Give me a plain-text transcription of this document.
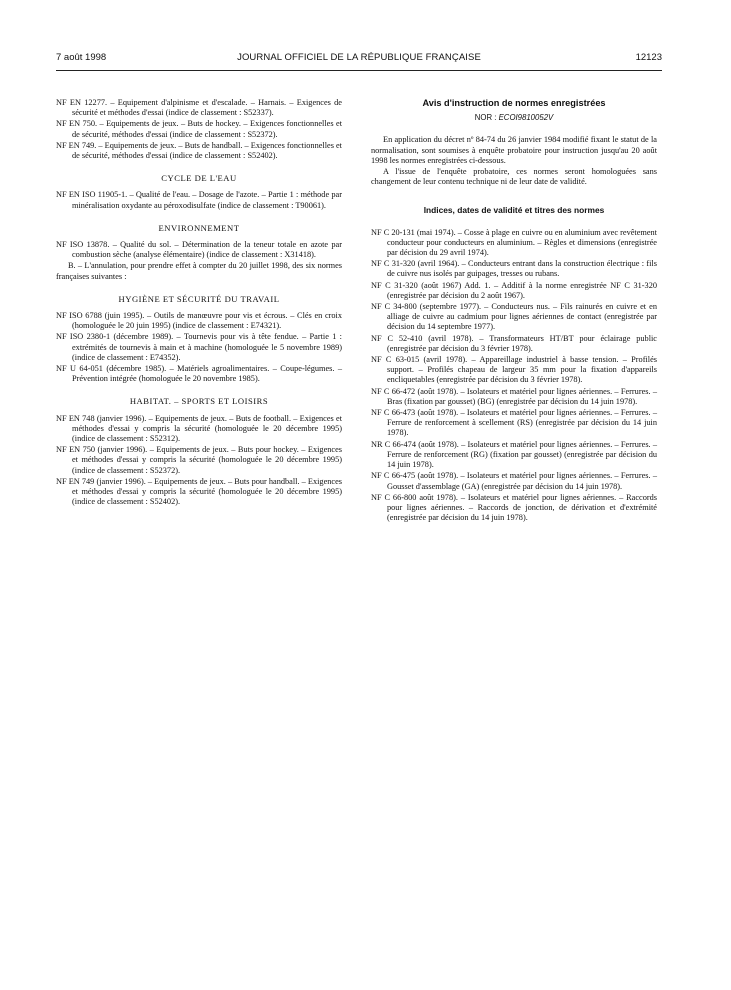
7 août 1998	JOURNAL OFFICIEL DE LA RÉPUBLIQUE FRANÇAISE	12123

NF EN 12277. – Equipement d'alpinisme et d'escalade. – Harnais. – Exigences de sécurité et méthodes d'essai (indice de classement : S52337).

NF EN 750. – Equipements de jeux. – Buts de hockey. – Exigences fonctionnelles et de sécurité, méthodes d'essai (indice de classement : S52372).

NF EN 749. – Equipements de jeux. – Buts de handball. – Exigences fonctionnelles et de sécurité, méthodes d'essai (indice de classement : S52402).

CYCLE DE L'EAU

NF EN ISO 11905-1. – Qualité de l'eau. – Dosage de l'azote. – Partie 1 : méthode par minéralisation oxydante au péroxodisulfate (indice de classement : T90061).

ENVIRONNEMENT

NF ISO 13878. – Qualité du sol. – Détermination de la teneur totale en azote par combustion sèche (analyse élémentaire) (indice de classement : X31418).

B. – L'annulation, pour prendre effet à compter du 20 juillet 1998, des six normes françaises suivantes :

HYGIÈNE ET SÉCURITÉ DU TRAVAIL

NF ISO 6788 (juin 1995). – Outils de manœuvre pour vis et écrous. – Clés en croix (homologuée le 20 juin 1995) (indice de classement : E74321).

NF ISO 2380-1 (décembre 1989). – Tournevis pour vis à tête fendue. – Partie 1 : extrémités de tournevis à main et à machine (homologuée le 5 novembre 1989) (indice de classement : E74352).

NF U 64-051 (décembre 1985). – Matériels agroalimentaires. – Coupe-légumes. – Prévention intégrée (homologuée le 20 novembre 1985).

HABITAT. – SPORTS ET LOISIRS

NF EN 748 (janvier 1996). – Equipements de jeux. – Buts de football. – Exigences et méthodes d'essai y compris la sécurité (homologuée le 20 décembre 1995) (indice de classement : S52312).

NF EN 750 (janvier 1996). – Equipements de jeux. – Buts pour hockey. – Exigences et méthodes d'essai y compris la sécurité (homologuée le 20 décembre 1995) (indice de classement : S52372).

NF EN 749 (janvier 1996). – Equipements de jeux. – Buts pour handball. – Exigences et méthodes d'essai y compris la sécurité (homologuée le 20 décembre 1995) (indice de classement : S52402).

Avis d'instruction de normes enregistrées
NOR : ECOI9810052V

En application du décret nº 84-74 du 26 janvier 1984 modifié fixant le statut de la normalisation, sont soumises à enquête probatoire pour instruction jusqu'au 20 août 1998 les normes enregistrées ci-dessous.

A l'issue de l'enquête probatoire, ces normes seront homologuées sans changement de leur contenu technique ni de leur date de validité.

Indices, dates de validité et titres des normes

NF C 20-131 (mai 1974). – Cosse à plage en cuivre ou en aluminium avec revêtement conducteur pour conducteurs en aluminium. – Règles et dimensions (enregistrée par décision du 29 avril 1974).

NF C 31-320 (avril 1964). – Conducteurs entrant dans la construction électrique : fils de cuivre nus isolés par guipages, tresses ou rubans.

NF C 31-320 (août 1967) Add. 1. – Additif à la norme enregistrée NF C 31-320 (enregistrée par décision du 2 août 1967).

NF C 34-800 (septembre 1977). – Conducteurs nus. – Fils rainurés en cuivre et en alliage de cuivre au cadmium pour lignes aériennes de contact (enregistrée par décision du 14 septembre 1977).

NF C 52-410 (avril 1978). – Transformateurs HT/BT pour éclairage public (enregistrée par décision du 3 février 1978).

NF C 63-015 (avril 1978). – Appareillage industriel à basse tension. – Profilés support. – Profilés chapeau de largeur 35 mm pour la fixation d'appareils encliquetables (enregistrée par décision du 3 février 1978).

NF C 66-472 (août 1978). – Isolateurs et matériel pour lignes aériennes. – Ferrures. – Bras (fixation par gousset) (BG) (enregistrée par décision du 14 juin 1978).

NF C 66-473 (août 1978). – Isolateurs et matériel pour lignes aériennes. – Ferrures. – Ferrure de renforcement à scellement (RS) (enregistrée par décision du 14 juin 1978).

NR C 66-474 (août 1978). – Isolateurs et matériel pour lignes aériennes. – Ferrures. – Ferrure de renforcement (RG) (fixation par gousset) (enregistrée par décision du 14 juin 1978).

NF C 66-475 (août 1978). – Isolateurs et matériel pour lignes aériennes. – Ferrures. – Gousset d'assemblage (GA) (enregistrée par décision du 14 juin 1978).

NF C 66-800 août 1978). – Isolateurs et matériel pour lignes aériennes. – Raccords pour lignes aériennes. – Raccords de jonction, de dérivation et d'extrémité (enregistrée par décision du 14 juin 1978).
